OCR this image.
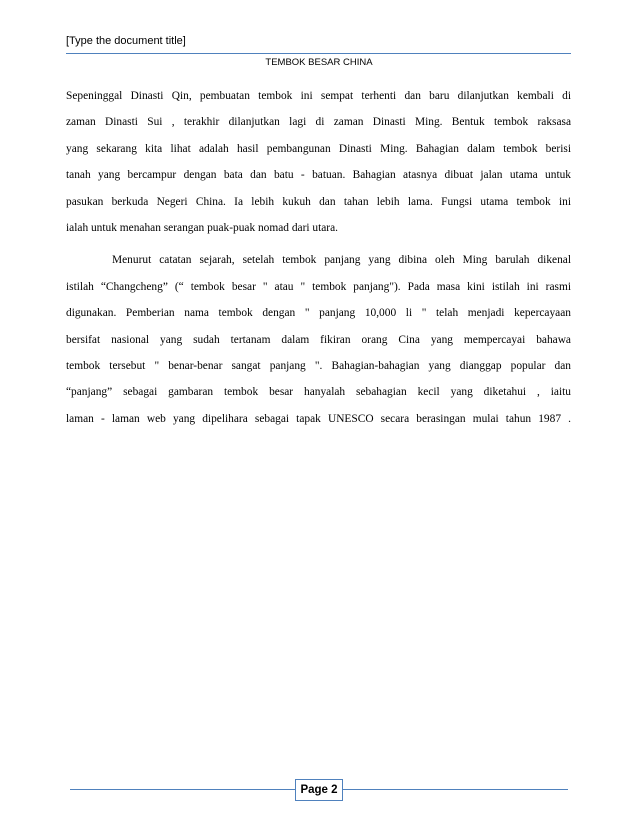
[Type the document title]
TEMBOK BESAR CHINA
Sepeninggal Dinasti Qin, pembuatan tembok ini sempat terhenti dan baru dilanjutkan kembali di
zaman Dinasti Sui , terakhir dilanjutkan lagi di zaman Dinasti Ming. Bentuk tembok raksasa
yang sekarang kita lihat adalah hasil pembangunan Dinasti Ming. Bahagian dalam tembok berisi
tanah yang bercampur dengan bata dan batu - batuan. Bahagian atasnya dibuat jalan utama untuk
pasukan berkuda Negeri China. Ia lebih kukuh dan tahan lebih lama. Fungsi utama tembok ini
ialah untuk menahan serangan puak-puak nomad dari utara.
Menurut catatan sejarah, setelah tembok panjang yang dibina oleh Ming barulah dikenal
istilah “Changcheng” (“ tembok besar " atau " tembok panjang"). Pada masa kini istilah ini rasmi
digunakan. Pemberian nama tembok dengan " panjang 10,000 li " telah menjadi kepercayaan
bersifat nasional yang sudah tertanam dalam fikiran orang Cina yang mempercayai bahawa
tembok tersebut " benar-benar sangat panjang ". Bahagian-bahagian yang dianggap popular dan
“panjang” sebagai gambaran tembok besar hanyalah sebahagian kecil yang diketahui , iaitu
laman - laman web yang dipelihara sebagai tapak UNESCO secara berasingan mulai tahun 1987 .
Page 2
